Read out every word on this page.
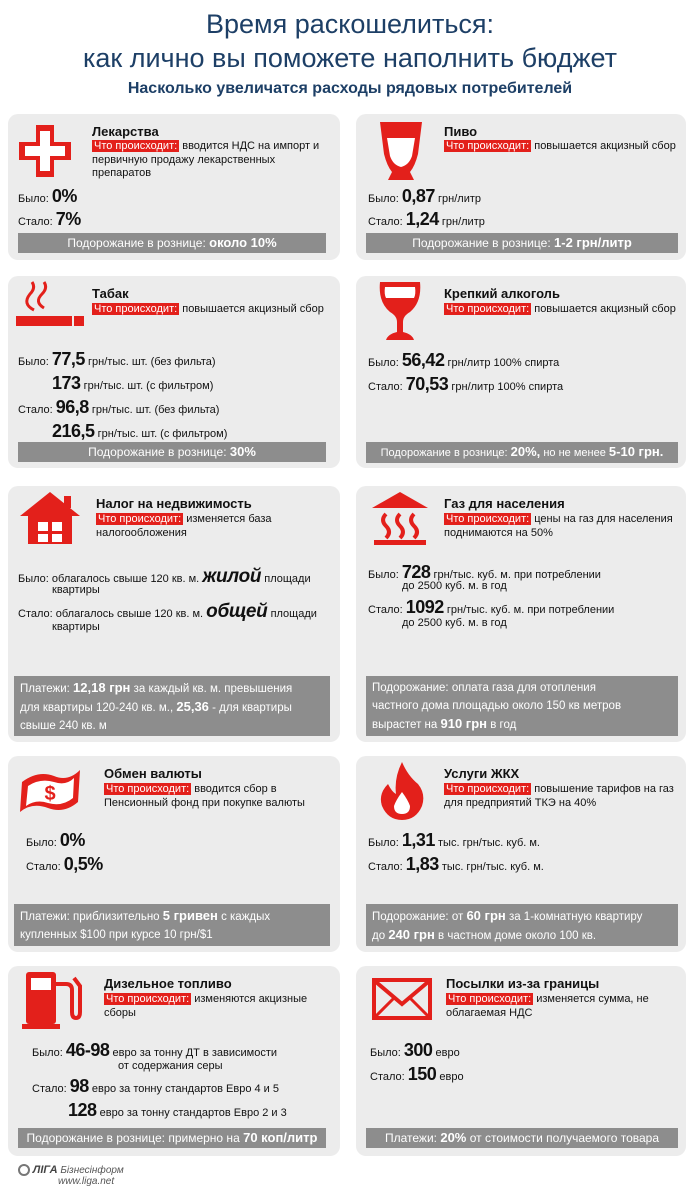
Время раскошелиться:
как лично вы поможете наполнить бюджет
Насколько увеличатся расходы рядовых потребителей
Лекарства
Что происходит: вводится НДС на импорт и первичную продажу лекарственных препаратов
Было: 0%
Стало: 7%
Подорожание в рознице: около 10%
Пиво
Что происходит: повышается акцизный сбор
Было: 0,87 грн/литр
Стало: 1,24 грн/литр
Подорожание в рознице: 1-2 грн/литр
Табак
Что происходит: повышается акцизный сбор
Было: 77,5 грн/тыс. шт. (без фильта)
173 грн/тыс. шт. (с фильтром)
Стало: 96,8 грн/тыс. шт. (без фильта)
216,5 грн/тыс. шт. (с фильтром)
Подорожание в рознице: 30%
Крепкий алкоголь
Что происходит: повышается акцизный сбор
Было: 56,42 грн/литр 100% спирта
Стало: 70,53 грн/литр 100% спирта
Подорожание в рознице: 20%, но не менее 5-10 грн.
Налог на недвижимость
Что происходит: изменяется база налогообложения
Было: облагалось свыше 120 кв. м. жилой площади
квартиры
Стало: облагалось свыше 120 кв. м. общей площади
квартиры
Платежи: 12,18 грн за каждый кв. м. превышения
для квартиры 120-240 кв. м., 25,36 - для квартиры
свыше 240 кв. м
Газ для населения
Что происходит: цены на газ для населения поднимаются на 50%
Было: 728 грн/тыс. куб. м. при потреблении
до 2500 куб. м. в год
Стало: 1092 грн/тыс. куб. м. при потреблении
до 2500 куб. м. в год
Подорожание: оплата газа для отопления
частного дома площадью около 150 кв метров
вырастет на 910 грн в год
$
Обмен валюты
Что происходит: вводится сбор в Пенсионный фонд при покупке валюты
Было: 0%
Стало: 0,5%
Платежи: приблизительно 5 гривен с каждых
купленных $100 при курсе 10 грн/$1
Услуги ЖКХ
Что происходит: повышение тарифов на газ для предприятий ТКЭ на 40%
Было: 1,31 тыс. грн/тыс. куб. м.
Стало: 1,83 тыс. грн/тыс. куб. м.
Подорожание: от 60 грн за 1-комнатную квартиру
до 240 грн в частном доме около 100 кв.
Дизельное топливо
Что происходит: изменяются акцизные сборы
Было: 46-98 евро за тонну ДТ в зависимости
от содержания серы
Стало: 98 евро за тонну стандартов Евро 4 и 5
128 евро за тонну стандартов Евро 2 и 3
Подорожание в рознице: примерно на 70 коп/литр
Посылки из-за границы
Что происходит: изменяется сумма, не облагаемая НДС
Было: 300 евро
Стало: 150 евро
Платежи: 20% от стоимости получаемого товара
ЛІГА Бізнесінформ
www.liga.net
